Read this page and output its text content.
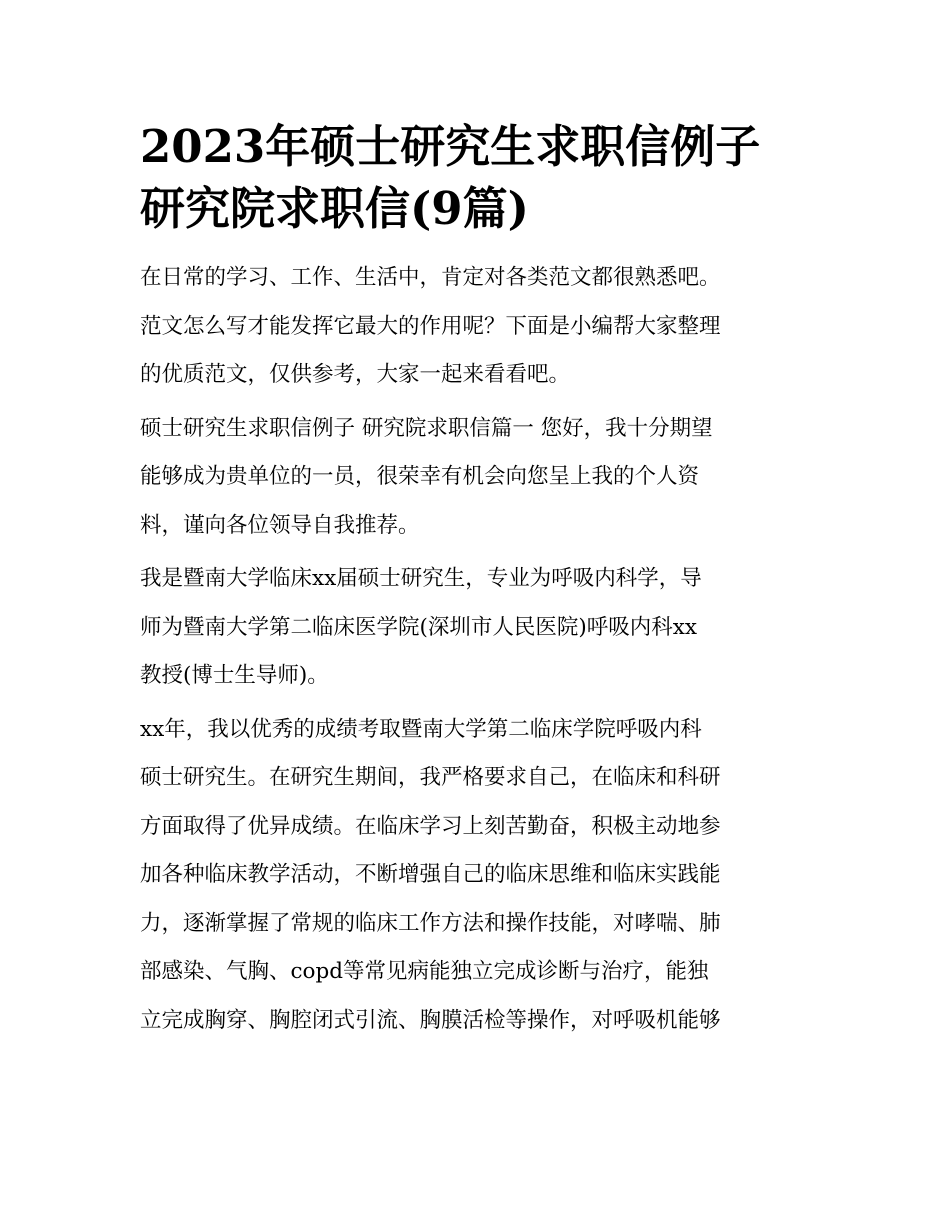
2023年硕士研究生求职信例子
研究院求职信(9篇)

在日常的学习、工作、生活中，肯定对各类范文都很熟悉吧。
范文怎么写才能发挥它最大的作用呢？下面是小编帮大家整理
的优质范文，仅供参考，大家一起来看看吧。

硕士研究生求职信例子 研究院求职信篇一 您好，我十分期望
能够成为贵单位的一员，很荣幸有机会向您呈上我的个人资
料，谨向各位领导自我推荐。

我是暨南大学临床xx届硕士研究生，专业为呼吸内科学，导
师为暨南大学第二临床医学院(深圳市人民医院)呼吸内科xx
教授(博士生导师)。

xx年，我以优秀的成绩考取暨南大学第二临床学院呼吸内科
硕士研究生。在研究生期间，我严格要求自己，在临床和科研
方面取得了优异成绩。在临床学习上刻苦勤奋，积极主动地参
加各种临床教学活动，不断增强自己的临床思维和临床实践能
力，逐渐掌握了常规的临床工作方法和操作技能，对哮喘、肺
部感染、气胸、copd等常见病能独立完成诊断与治疗，能独
立完成胸穿、胸腔闭式引流、胸膜活检等操作，对呼吸机能够
